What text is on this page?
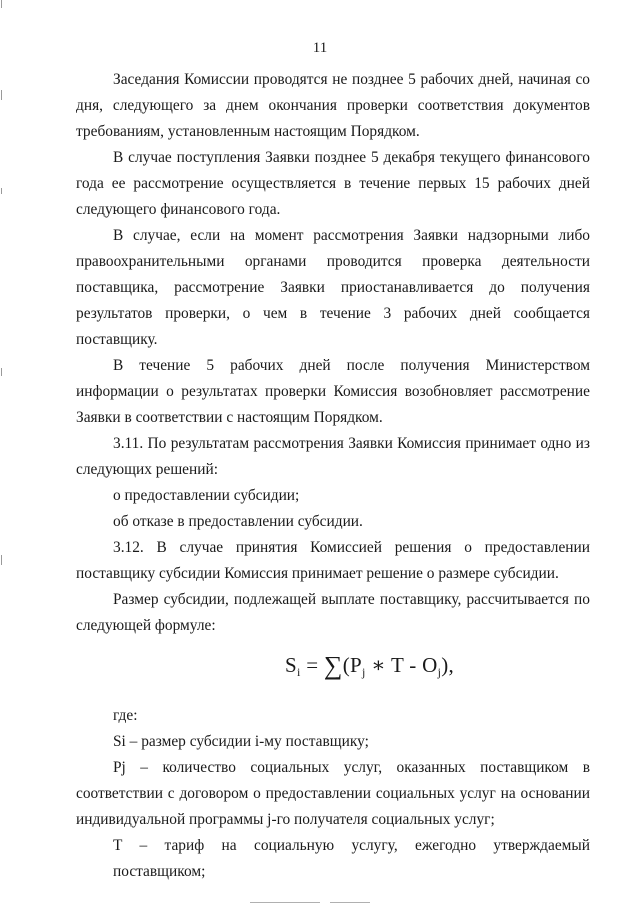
11

Заседания Комиссии проводятся не позднее 5 рабочих дней, начиная со дня, следующего за днем окончания проверки соответствия документов требованиям, установленным настоящим Порядком.

В случае поступления Заявки позднее 5 декабря текущего финансового года ее рассмотрение осуществляется в течение первых 15 рабочих дней следующего финансового года.

В случае, если на момент рассмотрения Заявки надзорными либо правоохранительными органами проводится проверка деятельности поставщика, рассмотрение Заявки приостанавливается до получения результатов проверки, о чем в течение 3 рабочих дней сообщается поставщику.

В течение 5 рабочих дней после получения Министерством информации о результатах проверки Комиссия возобновляет рассмотрение Заявки в соответствии с настоящим Порядком.

3.11. По результатам рассмотрения Заявки Комиссия принимает одно из следующих решений:

о предоставлении субсидии;

об отказе в предоставлении субсидии.

3.12. В случае принятия Комиссией решения о предоставлении поставщику субсидии Комиссия принимает решение о размере субсидии.

Размер субсидии, подлежащей выплате поставщику, рассчитывается по следующей формуле:

$S_i = \sum(P_j$ ∗ T - $O_j$),

где:

Si – размер субсидии i-му поставщику;

Pj – количество социальных услуг, оказанных поставщиком в соответствии с договором о предоставлении социальных услуг на основании индивидуальной программы j-го получателя социальных услуг;

T – тариф на социальную услугу, ежегодно утверждаемый поставщиком;
